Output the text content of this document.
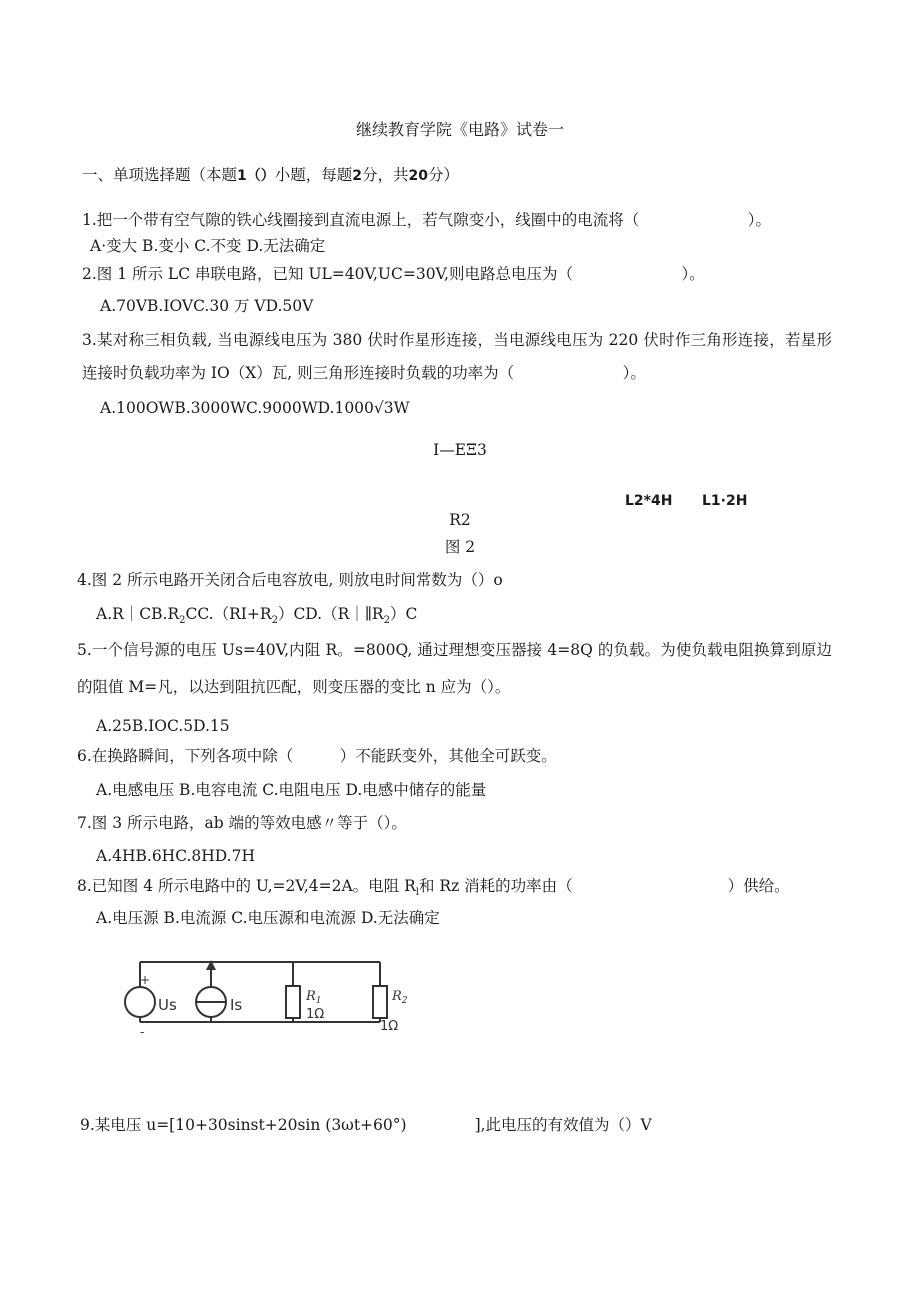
继续教育学院《电路》试卷一
一、单项选择题（本题1（）小题，每题2分，共20分）
1.把一个带有空气隙的铁心线圈接到直流电源上，若气隙变小，线圈中的电流将（　　　　　　　）。
A·变大 B.变小 C.不变 D.无法确定
2.图 1 所示 LC 串联电路，已知 UL=40V,UC=30V,则电路总电压为（　　　　　　　）。
A.70VB.IOVC.30 万 VD.50V
3.某对称三相负载, 当电源线电压为 380 伏时作星形连接，当电源线电压为 220 伏时作三角形连接，若星形连接时负载功率为 IO（X）瓦, 则三角形连接时负载的功率为（　　　　　　　）。
A.100OWB.3000WC.9000WD.1000√3W
I—EΞ3
L2*4H L1·2H
R2
图 2
4.图 2 所示电路开关闭合后电容放电, 则放电时间常数为（）o
$A.R|CB.R_2CC.(RI+R_2)CD.(R|\parallel R_2)C$
5.一个信号源的电压 Us=40V,内阻 R。=800Q, 通过理想变压器接 4=8Q 的负载。为使负载电阻换算到原边的阻值 M=凡，以达到阻抗匹配，则变压器的变比 n 应为（）。
A.25B.IOC.5D.15
6.在换路瞬间，下列各项中除（　　　）不能跃变外，其他全可跃变。
A.电感电压 B.电容电流 C.电阻电压 D.电感中储存的能量
7.图 3 所示电路，ab 端的等效电感〃等于（）。
A.4HB.6HC.8HD.7H
8.已知图 4 所示电路中的 U,=2V,4=2A。电阻 $R_l$和 Rz 消耗的功率由（　　　　　　　　　　）供给。
A.电压源 B.电流源 C.电压源和电流源 D.无法确定
+
-
Us	Is	$R_1$
1Ω
$R_2$
1Ω
9.某电压 u=[10+30sinst+20sin (3ωt+60°)	],此电压的有效值为（）V
